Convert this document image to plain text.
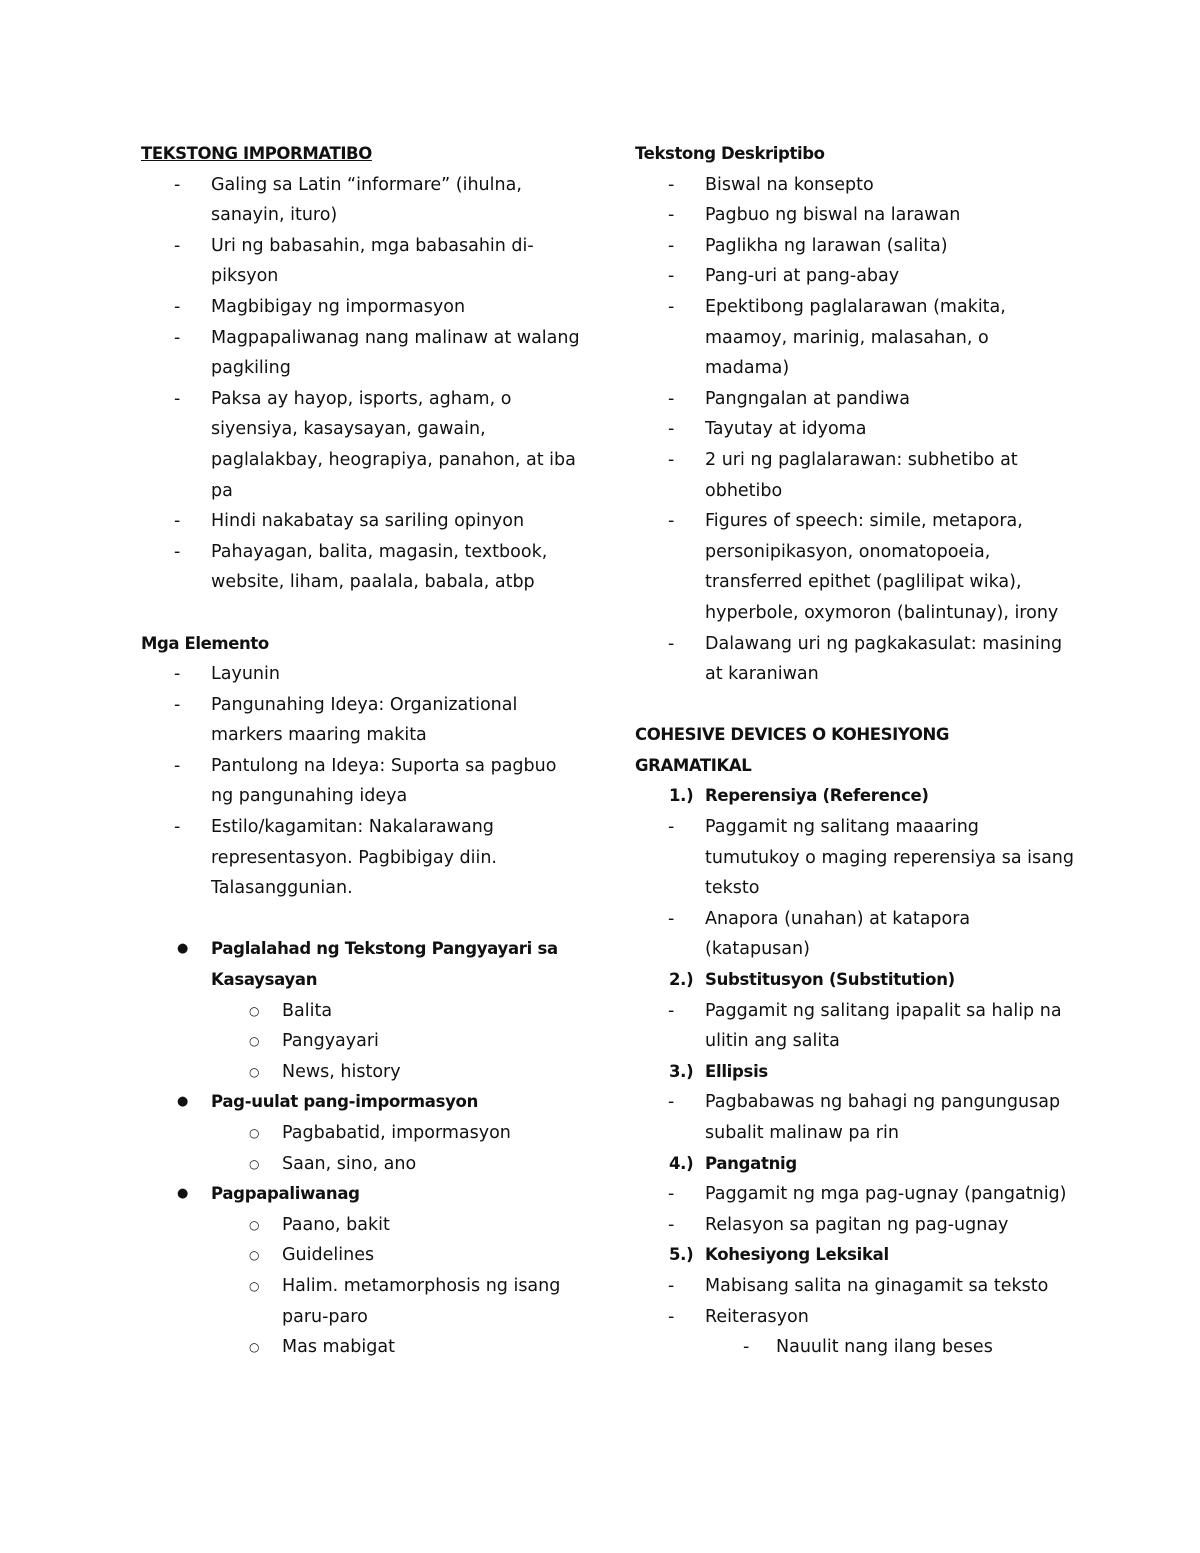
TEKSTONG IMPORMATIBO
- Galing sa Latin “informare” (ihulna, sanayin, ituro)
- Uri ng babasahin, mga babasahin di-piksyon
- Magbibigay ng impormasyon
- Magpapaliwanag nang malinaw at walang pagkiling
- Paksa ay hayop, isports, agham, o siyensiya, kasaysayan, gawain, paglalakbay, heograpiya, panahon, at iba pa
- Hindi nakabatay sa sariling opinyon
- Pahayagan, balita, magasin, textbook, website, liham, paalala, babala, atbp
Mga Elemento
- Layunin
- Pangunahing Ideya: Organizational markers maaring makita
- Pantulong na Ideya: Suporta sa pagbuo ng pangunahing ideya
- Estilo/kagamitan: Nakalarawang representasyon. Pagbibigay diin. Talasanggunian.
● Paglalahad ng Tekstong Pangyayari sa Kasaysayan
○ Balita
○ Pangyayari
○ News, history
● Pag-uulat pang-impormasyon
○ Pagbabatid, impormasyon
○ Saan, sino, ano
● Pagpapaliwanag
○ Paano, bakit
○ Guidelines
○ Halim. metamorphosis ng isang paru-paro
○ Mas mabigat
Tekstong Deskriptibo
- Biswal na konsepto
- Pagbuo ng biswal na larawan
- Paglikha ng larawan (salita)
- Pang-uri at pang-abay
- Epektibong paglalarawan (makita, maamoy, marinig, malasahan, o madama)
- Pangngalan at pandiwa
- Tayutay at idyoma
- 2 uri ng paglalarawan: subhetibo at obhetibo
- Figures of speech: simile, metapora, personipikasyon, onomatopoeia, transferred epithet (paglilipat wika), hyperbole, oxymoron (balintunay), irony
- Dalawang uri ng pagkakasulat: masining at karaniwan
COHESIVE DEVICES O KOHESIYONG
GRAMATIKAL
1.) Reperensiya (Reference)
- Paggamit ng salitang maaaring tumutukoy o maging reperensiya sa isang teksto
- Anapora (unahan) at katapora (katapusan)
2.) Substitusyon (Substitution)
- Paggamit ng salitang ipapalit sa halip na ulitin ang salita
3.) Ellipsis
- Pagbabawas ng bahagi ng pangungusap subalit malinaw pa rin
4.) Pangatnig
- Paggamit ng mga pag-ugnay (pangatnig)
- Relasyon sa pagitan ng pag-ugnay
5.) Kohesiyong Leksikal
- Mabisang salita na ginagamit sa teksto
- Reiterasyon
- Nauulit nang ilang beses
